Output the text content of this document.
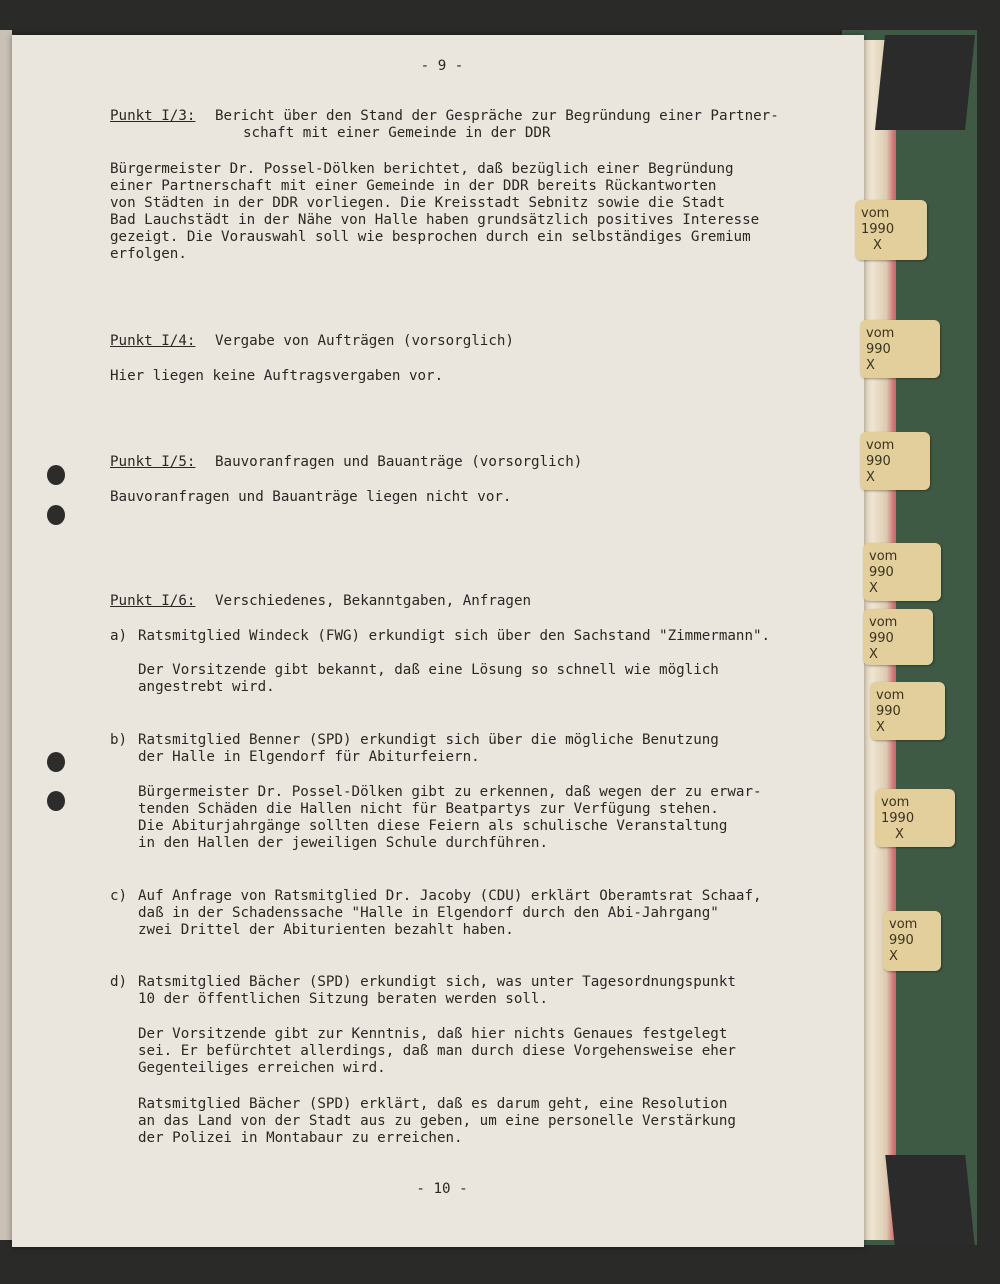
- 9 -
Punkt I/3: Bericht über den Stand der Gespräche zur Begründung einer Partner-
schaft mit einer Gemeinde in der DDR
Bürgermeister Dr. Possel-Dölken berichtet, daß bezüglich einer Begründung
einer Partnerschaft mit einer Gemeinde in der DDR bereits Rückantworten
von Städten in der DDR vorliegen. Die Kreisstadt Sebnitz sowie die Stadt
Bad Lauchstädt in der Nähe von Halle haben grundsätzlich positives Interesse
gezeigt. Die Vorauswahl soll wie besprochen durch ein selbständiges Gremium
erfolgen.
Punkt I/4: Vergabe von Aufträgen (vorsorglich)
Hier liegen keine Auftragsvergaben vor.
Punkt I/5: Bauvoranfragen und Bauanträge (vorsorglich)
Bauvoranfragen und Bauanträge liegen nicht vor.
Punkt I/6: Verschiedenes, Bekanntgaben, Anfragen
a) Ratsmitglied Windeck (FWG) erkundigt sich über den Sachstand "Zimmermann".
Der Vorsitzende gibt bekannt, daß eine Lösung so schnell wie möglich
angestrebt wird.
b) Ratsmitglied Benner (SPD) erkundigt sich über die mögliche Benutzung
der Halle in Elgendorf für Abiturfeiern.
Bürgermeister Dr. Possel-Dölken gibt zu erkennen, daß wegen der zu erwar-
tenden Schäden die Hallen nicht für Beatpartys zur Verfügung stehen.
Die Abiturjahrgänge sollten diese Feiern als schulische Veranstaltung
in den Hallen der jeweiligen Schule durchführen.
c) Auf Anfrage von Ratsmitglied Dr. Jacoby (CDU) erklärt Oberamtsrat Schaaf,
daß in der Schadenssache "Halle in Elgendorf durch den Abi-Jahrgang"
zwei Drittel der Abiturienten bezahlt haben.
d) Ratsmitglied Bächer (SPD) erkundigt sich, was unter Tagesordnungspunkt
10 der öffentlichen Sitzung beraten werden soll.
Der Vorsitzende gibt zur Kenntnis, daß hier nichts Genaues festgelegt
sei. Er befürchtet allerdings, daß man durch diese Vorgehensweise eher
Gegenteiliges erreichen wird.
Ratsmitglied Bächer (SPD) erklärt, daß es darum geht, eine Resolution
an das Land von der Stadt aus zu geben, um eine personelle Verstärkung
der Polizei in Montabaur zu erreichen.
- 10 -
vom
1990
X
vom
990
X
vom
990
X
vom
990
X
vom
990
X
vom
990
X
vom
1990
X
vom
990
X
